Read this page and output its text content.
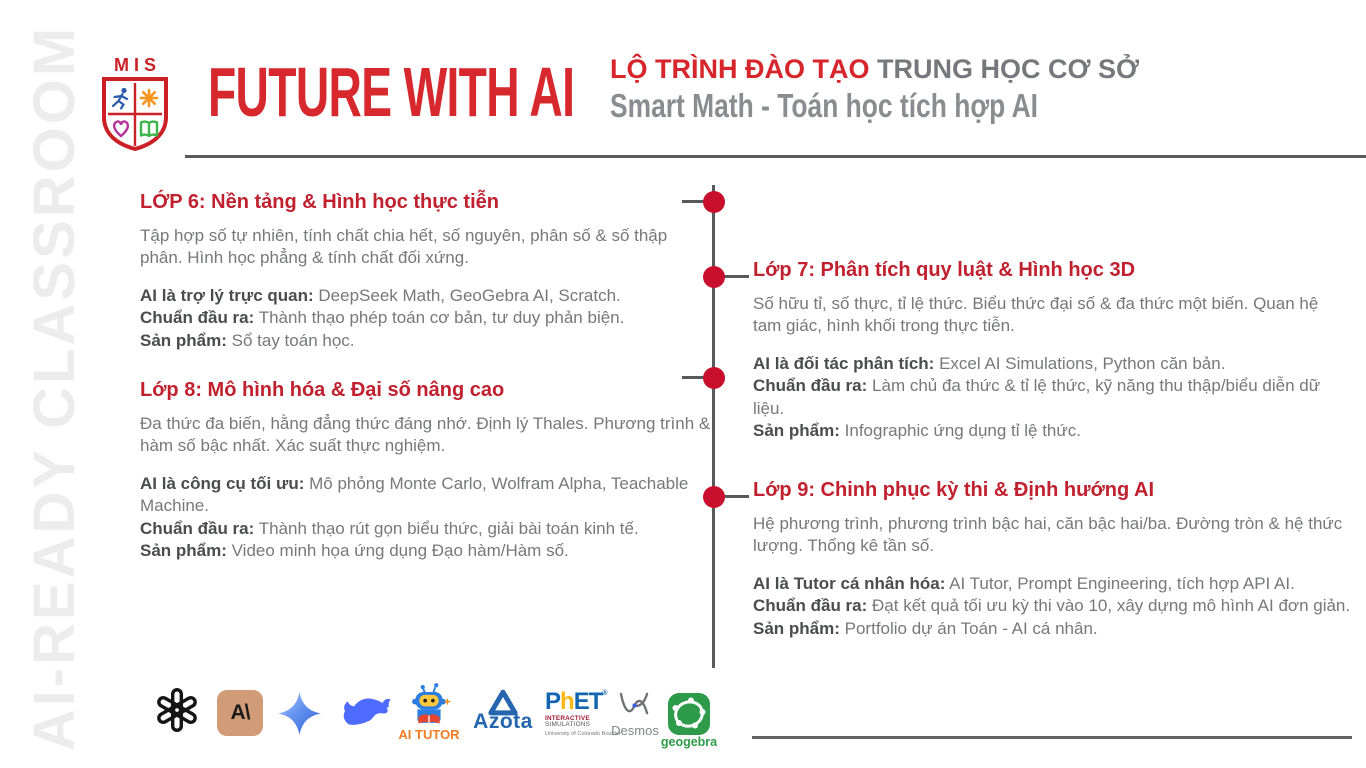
AI-READY CLASSROOM	MIS FUTURE WITH AI LỘ TRÌNH ĐÀO TẠO TRUNG HỌC CƠ SỞ
Smart Math - Toán học tích hợp AI
LỚP 6: Nền tảng & Hình học thực tiễn

Tập hợp số tự nhiên, tính chất chia hết, số nguyên, phân số & số thập phân. Hình học phẳng & tính chất đối xứng.

AI là trợ lý trực quan: DeepSeek Math, GeoGebra AI, Scratch.
Chuẩn đầu ra: Thành thạo phép toán cơ bản, tư duy phản biện.
Sản phẩm: Sổ tay toán học.
Lớp 7: Phân tích quy luật & Hình học 3D

Số hữu tỉ, số thực, tỉ lệ thức. Biểu thức đại số & đa thức một biến. Quan hệ tam giác, hình khối trong thực tiễn.

AI là đối tác phân tích: Excel AI Simulations, Python căn bản.
Chuẩn đầu ra: Làm chủ đa thức & tỉ lệ thức, kỹ năng thu thập/biểu diễn dữ liệu.
Sản phẩm: Infographic ứng dụng tỉ lệ thức.
Lớp 8: Mô hình hóa & Đại số nâng cao

Đa thức đa biến, hằng đẳng thức đáng nhớ. Định lý Thales. Phương trình & hàm số bậc nhất. Xác suất thực nghiệm.

AI là công cụ tối ưu: Mô phỏng Monte Carlo, Wolfram Alpha, Teachable Machine.
Chuẩn đầu ra: Thành thạo rút gọn biểu thức, giải bài toán kinh tế.
Sản phẩm: Video minh họa ứng dụng Đạo hàm/Hàm số.
Lớp 9: Chinh phục kỳ thi & Định hướng AI

Hệ phương trình, phương trình bậc hai, căn bậc hai/ba. Đường tròn & hệ thức lượng. Thống kê tần số.

AI là Tutor cá nhân hóa: AI Tutor, Prompt Engineering, tích hợp API AI.
Chuẩn đầu ra: Đạt kết quả tối ưu kỳ thi vào 10, xây dựng mô hình AI đơn giản.
Sản phẩm: Portfolio dự án Toán - AI cá nhân.
A\
AI TUTOR
Azota
PhET®
INTERACTIVE SIMULATIONS
University of Colorado Boulder
Desmos
geogebra
